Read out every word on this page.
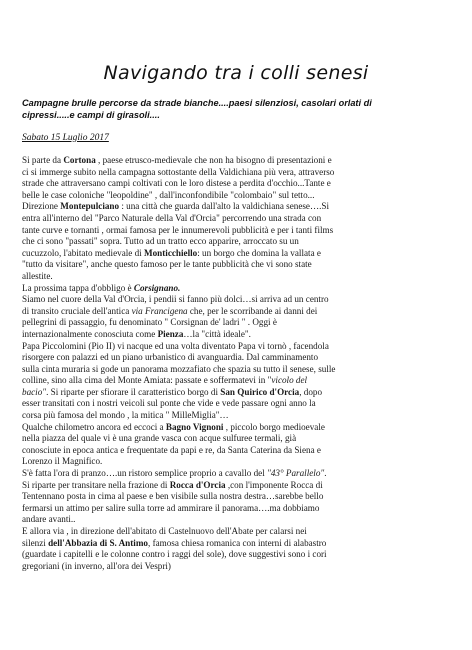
Navigando tra i colli senesi

Campagne brulle percorse da strade bianche....paesi silenziosi, casolari orlati di
cipressi.....e campi di girasoli....

Sabato 15 Luglio 2017

Si parte da Cortona , paese etrusco-medievale che non ha bisogno di presentazioni e
ci si immerge subito nella campagna sottostante della Valdichiana più vera, attraverso
strade che attraversano campi coltivati con le loro distese a perdita d'occhio...Tante e
belle le case coloniche "leopoldine" , dall'inconfondibile "colombaio" sul tetto...
Direzione Montepulciano : una città che guarda dall'alto la valdichiana senese….Si
entra all'interno del "Parco Naturale della Val d'Orcia" percorrendo una strada con
tante curve e tornanti , ormai famosa per le innumerevoli pubblicità e per i tanti films
che ci sono "passati" sopra. Tutto ad un tratto ecco apparire, arroccato su un
cucuzzolo, l'abitato medievale di Monticchiello: un borgo che domina la vallata e
"tutto da visitare", anche questo famoso per le tante pubblicità che vi sono state
allestite.
La prossima tappa d'obbligo è Corsignano.
Siamo nel cuore della Val d'Orcia, i pendii si fanno più dolci…si arriva ad un centro
di transito cruciale dell'antica via Francigena che, per le scorribande ai danni dei
pellegrini di passaggio, fu denominato " Corsignan de' ladri " . Oggi è
internazionalmente conosciuta come Pienza…la "città ideale".
Papa Piccolomini (Pio II) vi nacque ed una volta diventato Papa vi tornò , facendola
risorgere con palazzi ed un piano urbanistico di avanguardia. Dal camminamento
sulla cinta muraria si gode un panorama mozzafiato che spazia su tutto il senese, sulle
colline, sino alla cima del Monte Amiata: passate e soffermatevi in "vicolo del
bacio". Si riparte per sfiorare il caratteristico borgo di San Quirico d'Orcia, dopo
esser transitati con i nostri veicoli sul ponte che vide e vede passare ogni anno la
corsa più famosa del mondo , la mitica " MilleMiglia"…
Qualche chilometro ancora ed eccoci a Bagno Vignoni , piccolo borgo medioevale
nella piazza del quale vi è una grande vasca con acque sulfuree termali, già
conosciute in epoca antica e frequentate da papi e re, da Santa Caterina da Siena e
Lorenzo il Magnifico.
S'è fatta l'ora di pranzo….un ristoro semplice proprio a cavallo del "43° Parallelo".
Si riparte per transitare nella frazione di Rocca d'Orcia ,con l'imponente Rocca di
Tentennano posta in cima al paese e ben visibile sulla nostra destra…sarebbe bello
fermarsi un attimo per salire sulla torre ad ammirare il panorama….ma dobbiamo
andare avanti..
E allora via , in direzione dell'abitato di Castelnuovo dell'Abate per calarsi nei
silenzi dell'Abbazia di S. Antimo, famosa chiesa romanica con interni di alabastro
(guardate i capitelli e le colonne contro i raggi del sole), dove suggestivi sono i cori
gregoriani (in inverno, all'ora dei Vespri)
